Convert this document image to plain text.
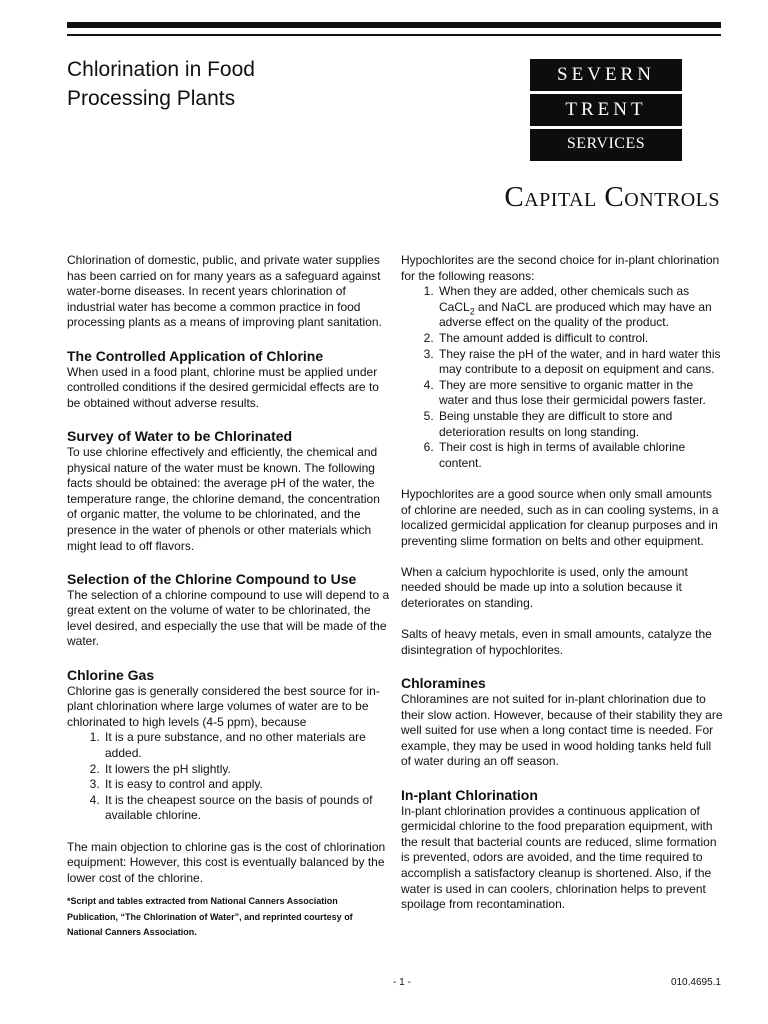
Chlorination in Food
Processing Plants
SEVERN
TRENT
SERVICES
Capital Controls

Chlorination of domestic, public, and private water supplies has been carried on for many years as a safeguard against water-borne diseases. In recent years chlorination of industrial water has become a common practice in food processing plants as a means of improving plant sanitation.

The Controlled Application of Chlorine

When used in a food plant, chlorine must be applied under controlled conditions if the desired germicidal effects are to be obtained without adverse results.

Survey of Water to be Chlorinated

To use chlorine effectively and efficiently, the chemical and physical nature of the water must be known. The following facts should be obtained: the average pH of the water, the temperature range, the chlorine demand, the concentration of organic matter, the volume to be chlorinated, and the presence in the water of phenols or other materials which might lead to off flavors.

Selection of the Chlorine Compound to Use

The selection of a chlorine compound to use will depend to a great extent on the volume of water to be chlorinated, the level desired, and especially the use that will be made of the water.

Chlorine Gas
Chlorine gas is generally considered the best source for in-plant chlorination where large volumes of water are to be chlorinated to high levels (4-5 ppm), because
1. It is a pure substance, and no other materials are added.
2. It lowers the pH slightly.
3. It is easy to control and apply.
4. It is the cheapest source on the basis of pounds of available chlorine.

The main objection to chlorine gas is the cost of chlorination equipment: However, this cost is eventually balanced by the lower cost of the chlorine.

*Script and tables extracted from National Canners Association Publication, “The Chlorination of Water”, and reprinted courtesy of National Canners Association.

Hypochlorites are the second choice for in-plant chlorination for the following reasons:
1. When they are added, other chemicals such as CaCL$_2$ and NaCL are produced which may have an adverse effect on the quality of the product.
2. The amount added is difficult to control.
3. They raise the pH of the water, and in hard water this may contribute to a deposit on equipment and cans.
4. They are more sensitive to organic matter in the water and thus lose their germicidal powers faster.
5. Being unstable they are difficult to store and deterioration results on long standing.
6. Their cost is high in terms of available chlorine content.

Hypochlorites are a good source when only small amounts of chlorine are needed, such as in can cooling systems, in a localized germicidal application for cleanup purposes and in preventing slime formation on belts and other equipment.

When a calcium hypochlorite is used, only the amount needed should be made up into a solution because it deteriorates on standing.

Salts of heavy metals, even in small amounts, catalyze the disintegration of hypochlorites.

Chloramines

Chloramines are not suited for in-plant chlorination due to their slow action. However, because of their stability they are well suited for use when a long contact time is needed. For example, they may be used in wood holding tanks held full of water during an off season.

In-plant Chlorination

In-plant chlorination provides a continuous application of germicidal chlorine to the food preparation equipment, with the result that bacterial counts are reduced, slime formation is prevented, odors are avoided, and the time required to accomplish a satisfactory cleanup is shortened. Also, if the water is used in can coolers, chlorination helps to prevent spoilage from recontamination.

- 1 -	010.4695.1
